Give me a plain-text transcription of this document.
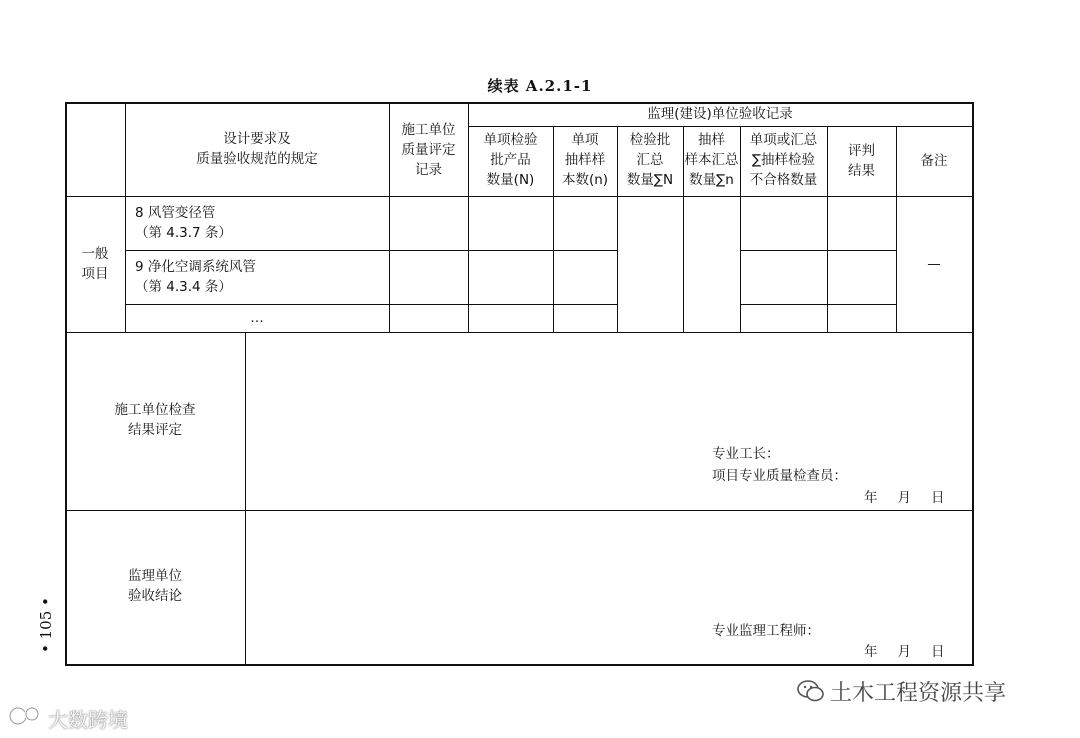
续表 A.2.1-1
设计要求及
质量验收规范的规定
施工单位
质量评定
记录
监理(建设)单位验收记录
单项检验
批产品
数量(N)
单项
抽样样
本数(n)
检验批
汇总
数量∑N
抽样
样本汇总
数量∑n
单项或汇总
∑抽样检验
不合格数量
评判
结果
备注
一般
项目
8 风管变径管
（第 4.3.7 条）
9 净化空调系统风管
（第 4.3.4 条）
…
—
施工单位检查
结果评定
专业工长：
项目专业质量检查员：
年 月 日
监理单位
验收结论
专业监理工程师：
年 月 日
• 105 •
土木工程资源共享
大数跨境
